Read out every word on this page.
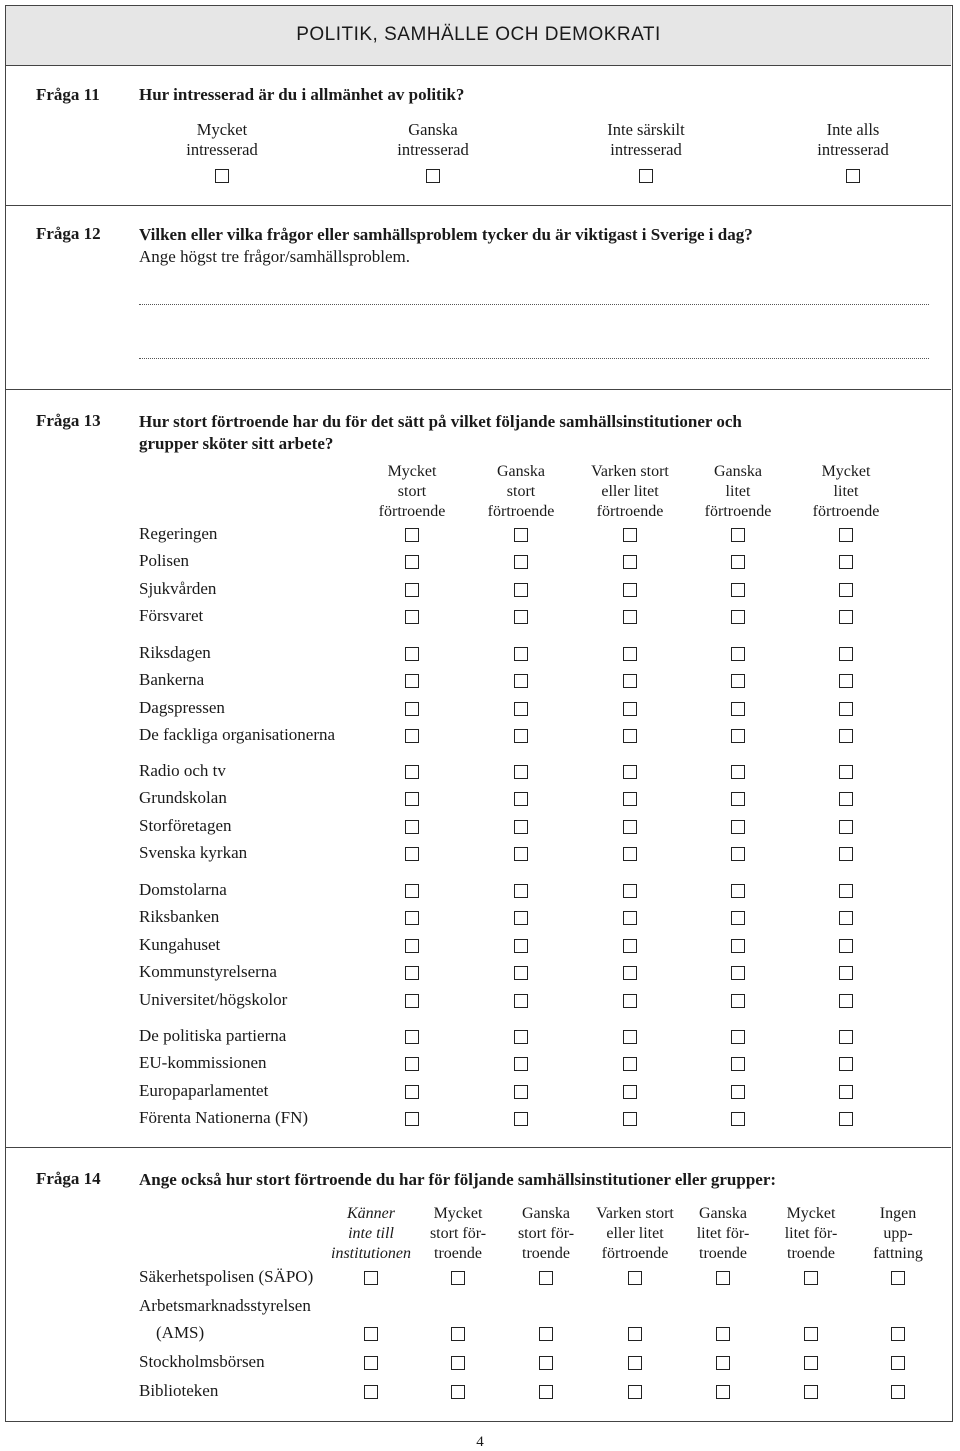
POLITIK, SAMHÄLLE OCH DEMOKRATI
Fråga 11 Hur intresserad är du i allmänhet av politik?
Mycket
intresserad
Ganska
intresserad
Inte särskilt
intresserad
Inte alls
intresserad
Fråga 12 Vilken eller vilka frågor eller samhällsproblem tycker du är viktigast i Sverige i dag?
Ange högst tre frågor/samhällsproblem.
Fråga 13 Hur stort förtroende har du för det sätt på vilket följande samhällsinstitutioner och
grupper sköter sitt arbete?
Mycket
stort
förtroende
Ganska
stort
förtroende
Varken stort
eller litet
förtroende
Ganska
litet
förtroende
Mycket
litet
förtroende
Regeringen
Polisen
Sjukvården
Försvaret
Riksdagen
Bankerna
Dagspressen
De fackliga organisationerna
Radio och tv
Grundskolan
Storföretagen
Svenska kyrkan
Domstolarna
Riksbanken
Kungahuset
Kommunstyrelserna
Universitet/högskolor
De politiska partierna
EU-kommissionen
Europaparlamentet
Förenta Nationerna (FN)
Fråga 14 Ange också hur stort förtroende du har för följande samhällsinstitutioner eller grupper:
Känner
inte till
institutionen
Mycket
stort för-
troende
Ganska
stort för-
troende
Varken stort
eller litet
förtroende
Ganska
litet för-
troende
Mycket
litet för-
troende
Ingen
upp-
fattning
Säkerhetspolisen (SÄPO)
Arbetsmarknadsstyrelsen
(AMS)
Stockholmsbörsen
Biblioteken
4
